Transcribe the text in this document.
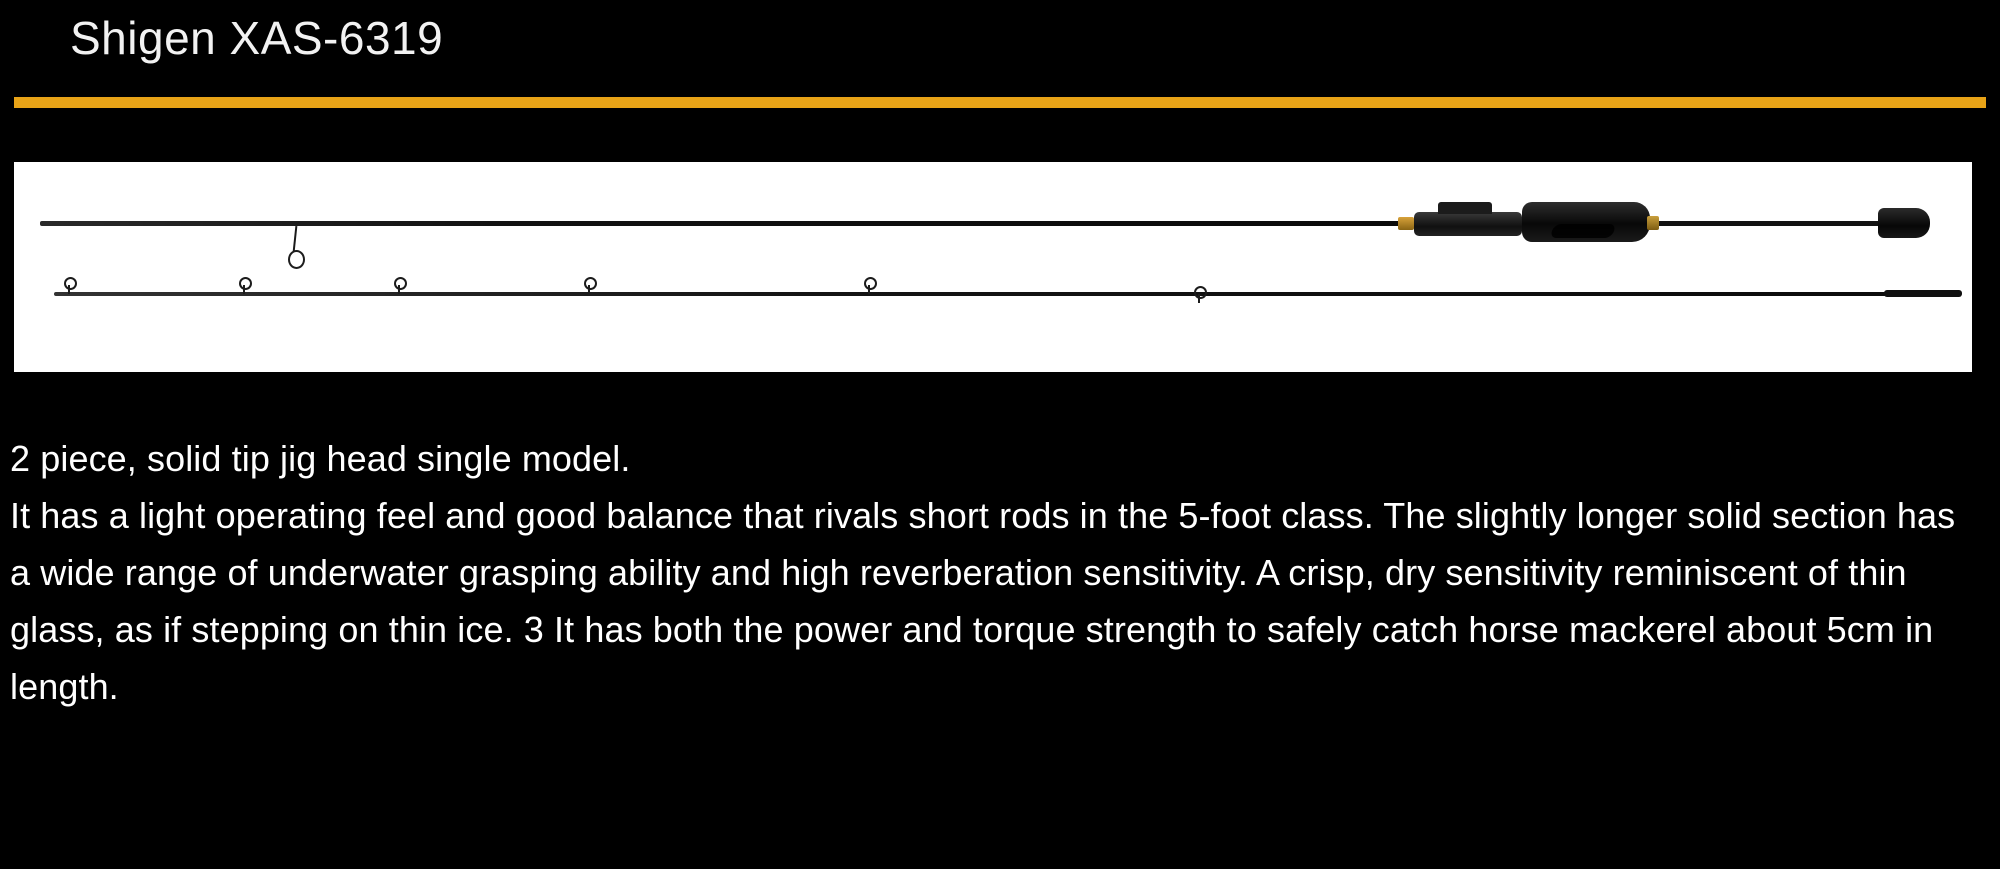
Shigen XAS-6319
2 piece, solid tip jig head single model.
It has a light operating feel and good balance that rivals short rods in the 5-foot class. The slightly longer solid section has a wide range of underwater grasping ability and high reverberation sensitivity. A crisp, dry sensitivity reminiscent of thin glass, as if stepping on thin ice. 3 It has both the power and torque strength to safely catch horse mackerel about 5cm in length.
